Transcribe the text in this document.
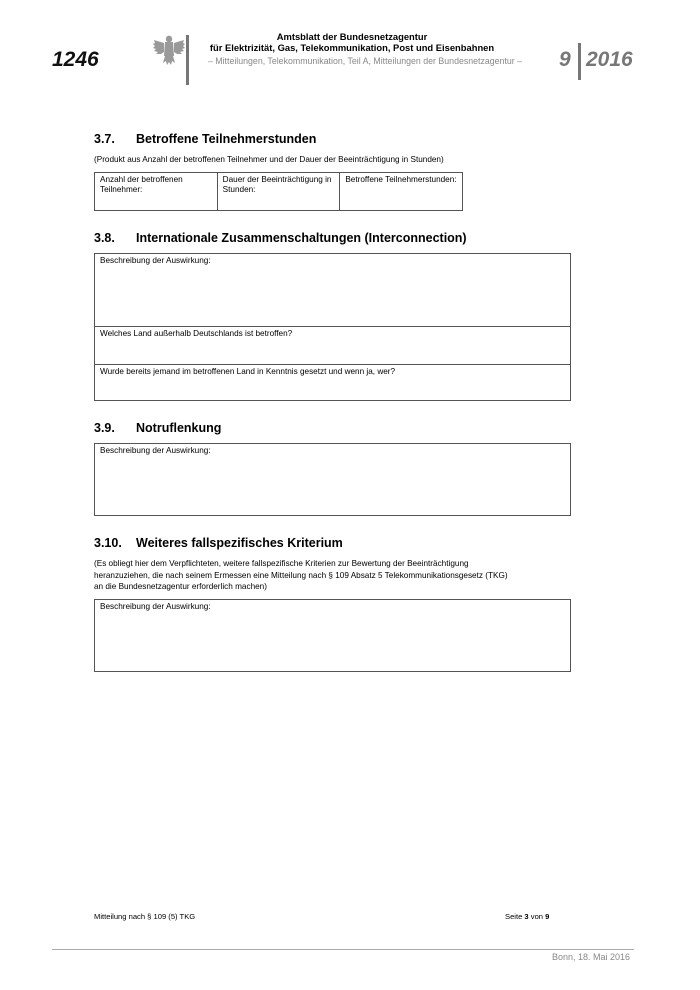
1246
Amtsblatt der Bundesnetzagentur
für Elektrizität, Gas, Telekommunikation, Post und Eisenbahnen
– Mitteilungen, Telekommunikation, Teil A, Mitteilungen der Bundesnetzagentur –	9 2016
3.7. Betroffene Teilnehmerstunden
(Produkt aus Anzahl der betroffenen Teilnehmer und der Dauer der Beeinträchtigung in Stunden)
Anzahl der betroffenen Teilnehmer:
Dauer der Beeinträchtigung in Stunden:
Betroffene Teilnehmerstunden:
3.8. Internationale Zusammenschaltungen (Interconnection)
Beschreibung der Auswirkung:
Welches Land außerhalb Deutschlands ist betroffen?
Wurde bereits jemand im betroffenen Land in Kenntnis gesetzt und wenn ja, wer?
3.9. Notruflenkung
Beschreibung der Auswirkung:
3.10. Weiteres fallspezifisches Kriterium
(Es obliegt hier dem Verpflichteten, weitere fallspezifische Kriterien zur Bewertung der Beeinträchtigung
heranzuziehen, die nach seinem Ermessen eine Mitteilung nach § 109 Absatz 5 Telekommunikationsgesetz (TKG)
an die Bundesnetzagentur erforderlich machen)
Beschreibung der Auswirkung:
Mitteilung nach § 109 (5) TKG	Seite 3 von 9
Bonn, 18. Mai 2016
